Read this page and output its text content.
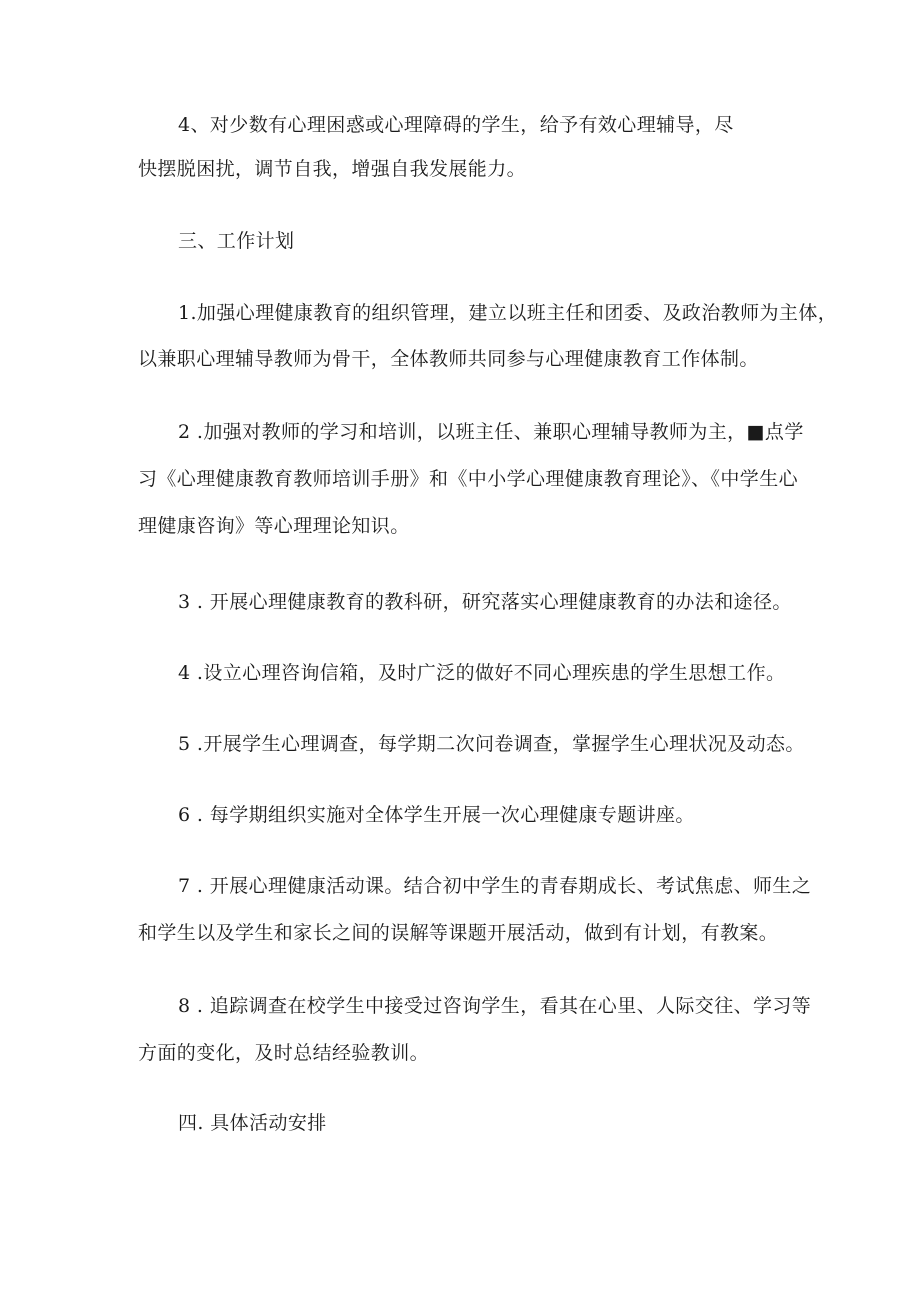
4、对少数有心理困惑或心理障碍的学生，给予有效心理辅导，尽
快摆脱困扰，调节自我，增强自我发展能力。
三、工作计划
1.加强心理健康教育的组织管理，建立以班主任和团委、及政治教师为主体，
以兼职心理辅导教师为骨干，全体教师共同参与心理健康教育工作体制。
2 .加强对教师的学习和培训，以班主任、兼职心理辅导教师为主，■点学
习《心理健康教育教师培训手册》和《中小学心理健康教育理论》、《中学生心
理健康咨询》等心理理论知识。
3 . 开展心理健康教育的教科研，研究落实心理健康教育的办法和途径。
4 .设立心理咨询信箱，及时广泛的做好不同心理疾患的学生思想工作。
5 .开展学生心理调查，每学期二次问卷调查，掌握学生心理状况及动态。
6 . 每学期组织实施对全体学生开展一次心理健康专题讲座。
7 . 开展心理健康活动课。结合初中学生的青春期成长、考试焦虑、师生之
和学生以及学生和家长之间的误解等课题开展活动，做到有计划，有教案。
8 . 追踪调查在校学生中接受过咨询学生，看其在心里、人际交往、学习等
方面的变化，及时总结经验教训。
四. 具体活动安排
